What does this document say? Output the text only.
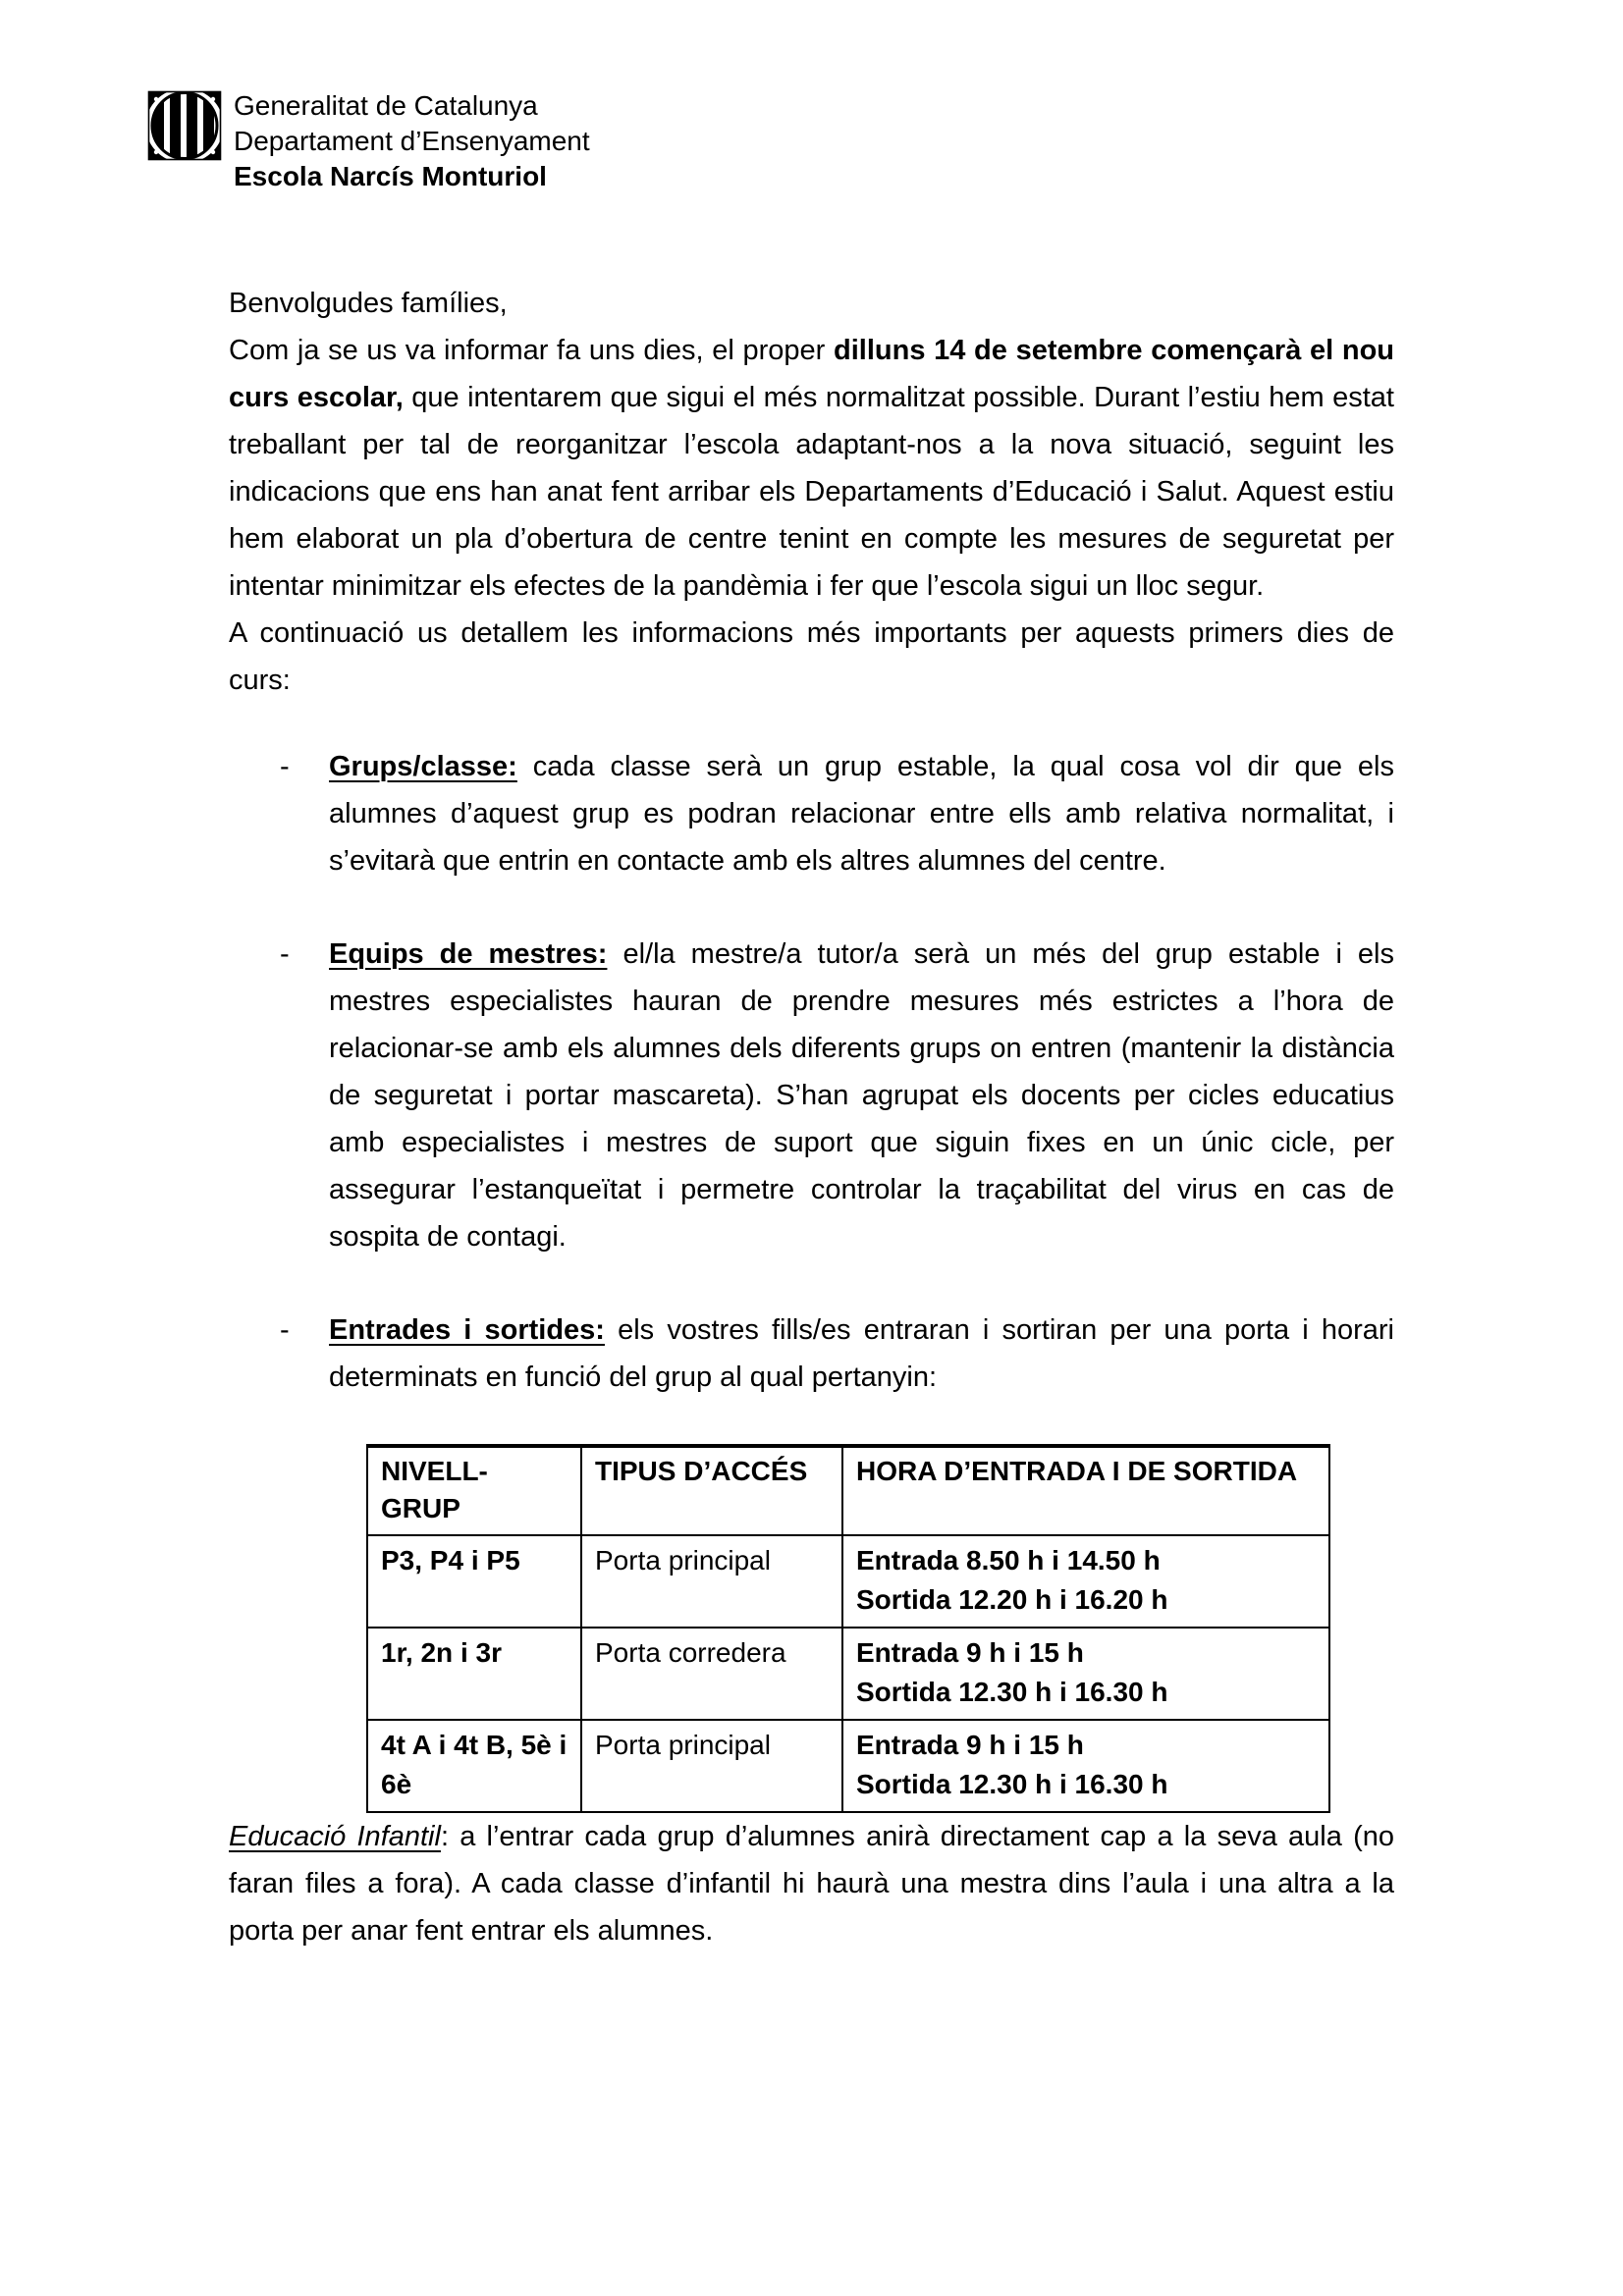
Generalitat de Catalunya
Departament d’Ensenyament
Escola Narcís Monturiol

Benvolgudes famílies,

Com ja se us va informar fa uns dies, el proper dilluns 14 de setembre començarà el nou curs escolar, que intentarem que sigui el més normalitzat possible. Durant l’estiu hem estat treballant per tal de reorganitzar l’escola adaptant-nos a la nova situació, seguint les indicacions que ens han anat fent arribar els Departaments d’Educació i Salut. Aquest estiu hem elaborat un pla d’obertura de centre tenint en compte les mesures de seguretat per intentar minimitzar els efectes de la pandèmia i fer que l’escola sigui un lloc segur.

A continuació us detallem les informacions més importants per aquests primers dies de curs:

-	Grups/classe: cada classe serà un grup estable, la qual cosa vol dir que els alumnes d’aquest grup es podran relacionar entre ells amb relativa normalitat, i s’evitarà que entrin en contacte amb els altres alumnes del centre.
-	Equips de mestres: el/la mestre/a tutor/a serà un més del grup estable i els mestres especialistes hauran de prendre mesures més estrictes a l’hora de relacionar-se amb els alumnes dels diferents grups on entren (mantenir la distància de seguretat i portar mascareta). S’han agrupat els docents per cicles educatius amb especialistes i mestres de suport que siguin fixes en un únic cicle, per assegurar l’estanqueïtat i permetre controlar la traçabilitat del virus en cas de sospita de contagi.
-	Entrades i sortides: els vostres fills/es entraran i sortiran per una porta i horari determinats en funció del grup al qual pertanyin:
NIVELL- GRUP	TIPUS D’ACCÉS	HORA D’ENTRADA I DE SORTIDA
P3, P4 i P5	Porta principal	Entrada 8.50 h i 14.50 h
Sortida 12.20 h i 16.20 h

1r, 2n i 3r	Porta corredera	Entrada 9 h i 15 h
Sortida 12.30 h i 16.30 h

4t A i 4t B, 5è i 6è	Porta principal	Entrada 9 h i 15 h
Sortida 12.30 h i 16.30 h

Educació Infantil: a l’entrar cada grup d’alumnes anirà directament cap a la seva aula (no faran files a fora). A cada classe d’infantil hi haurà una mestra dins l’aula i una altra a la porta per anar fent entrar els alumnes.
